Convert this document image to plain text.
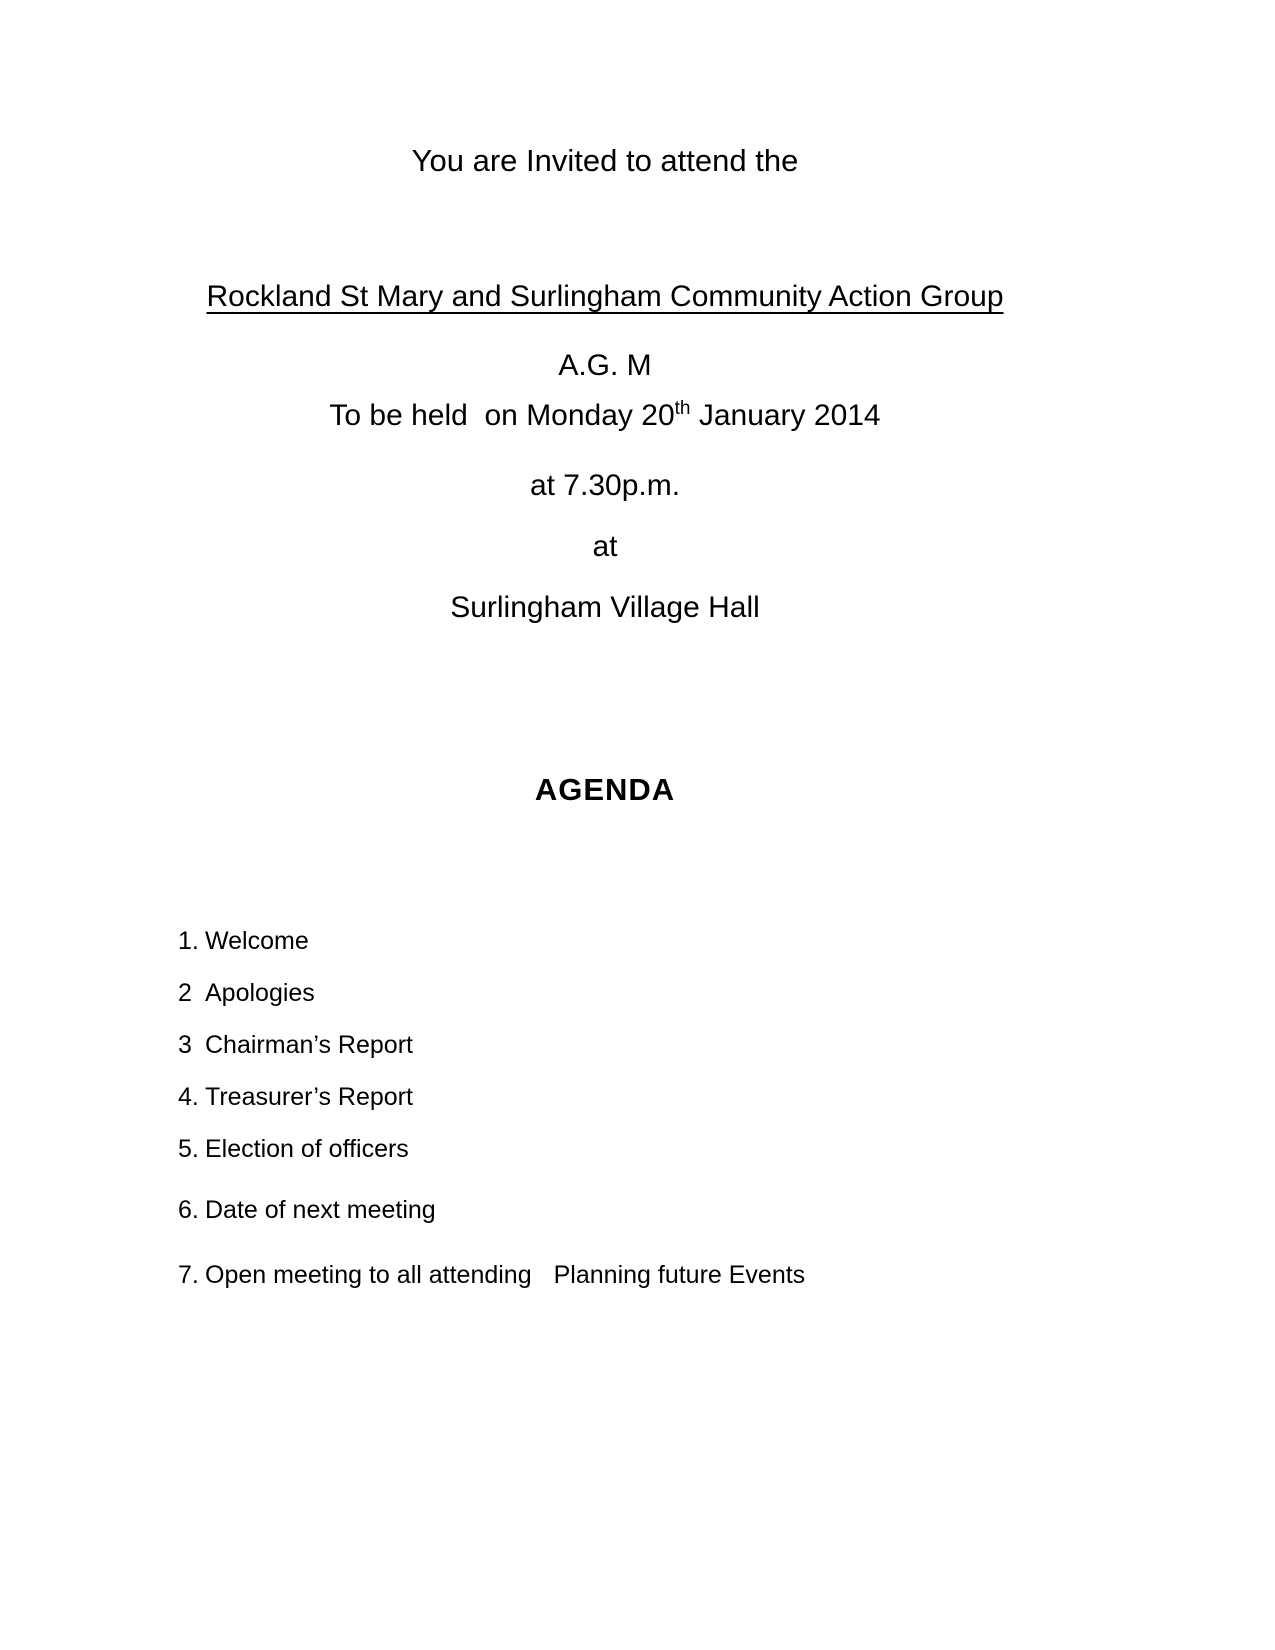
You are Invited to attend the

Rockland St Mary and Surlingham Community Action Group

A.G. M

To be held  on Monday 20th January 2014

at 7.30p.m.

at

Surlingham Village Hall

AGENDA

1. Welcome
2 Apologies
3 Chairman’s Report
4. Treasurer’s Report
5. Election of officers
6. Date of next meeting
7. Open meeting to all attending Planning future Events
